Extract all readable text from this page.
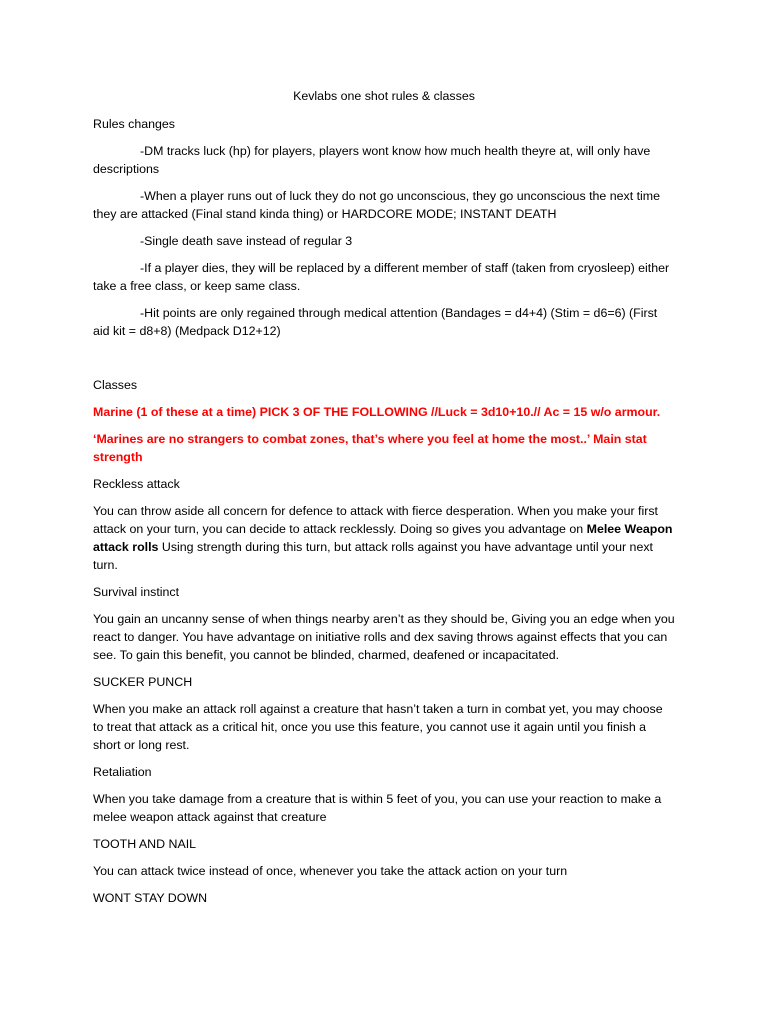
Kevlabs one shot rules & classes
Rules changes

-DM tracks luck (hp) for players, players wont know how much health theyre at, will only have descriptions

-When a player runs out of luck they do not go unconscious, they go unconscious the next time they are attacked (Final stand kinda thing) or HARDCORE MODE; INSTANT DEATH

-Single death save instead of regular 3

-If a player dies, they will be replaced by a different member of staff (taken from cryosleep) either take a free class, or keep same class.

-Hit points are only regained through medical attention (Bandages = d4+4) (Stim = d6=6) (First aid kit = d8+8) (Medpack D12+12)

Classes

Marine (1 of these at a time) PICK 3 OF THE FOLLOWING //Luck = 3d10+10.// Ac = 15 w/o armour.

‘Marines are no strangers to combat zones, that’s where you feel at home the most..’ Main stat strength

Reckless attack

You can throw aside all concern for defence to attack with fierce desperation. When you make your first attack on your turn, you can decide to attack recklessly. Doing so gives you advantage on Melee Weapon attack rolls Using strength during this turn, but attack rolls against you have advantage until your next turn.

Survival instinct

You gain an uncanny sense of when things nearby aren’t as they should be, Giving you an edge when you react to danger. You have advantage on initiative rolls and dex saving throws against effects that you can see. To gain this benefit, you cannot be blinded, charmed, deafened or incapacitated.

SUCKER PUNCH

When you make an attack roll against a creature that hasn’t taken a turn in combat yet, you may choose to treat that attack as a critical hit, once you use this feature, you cannot use it again until you finish a short or long rest.

Retaliation

When you take damage from a creature that is within 5 feet of you, you can use your reaction to make a melee weapon attack against that creature

TOOTH AND NAIL

You can attack twice instead of once, whenever you take the attack action on your turn

WONT STAY DOWN
